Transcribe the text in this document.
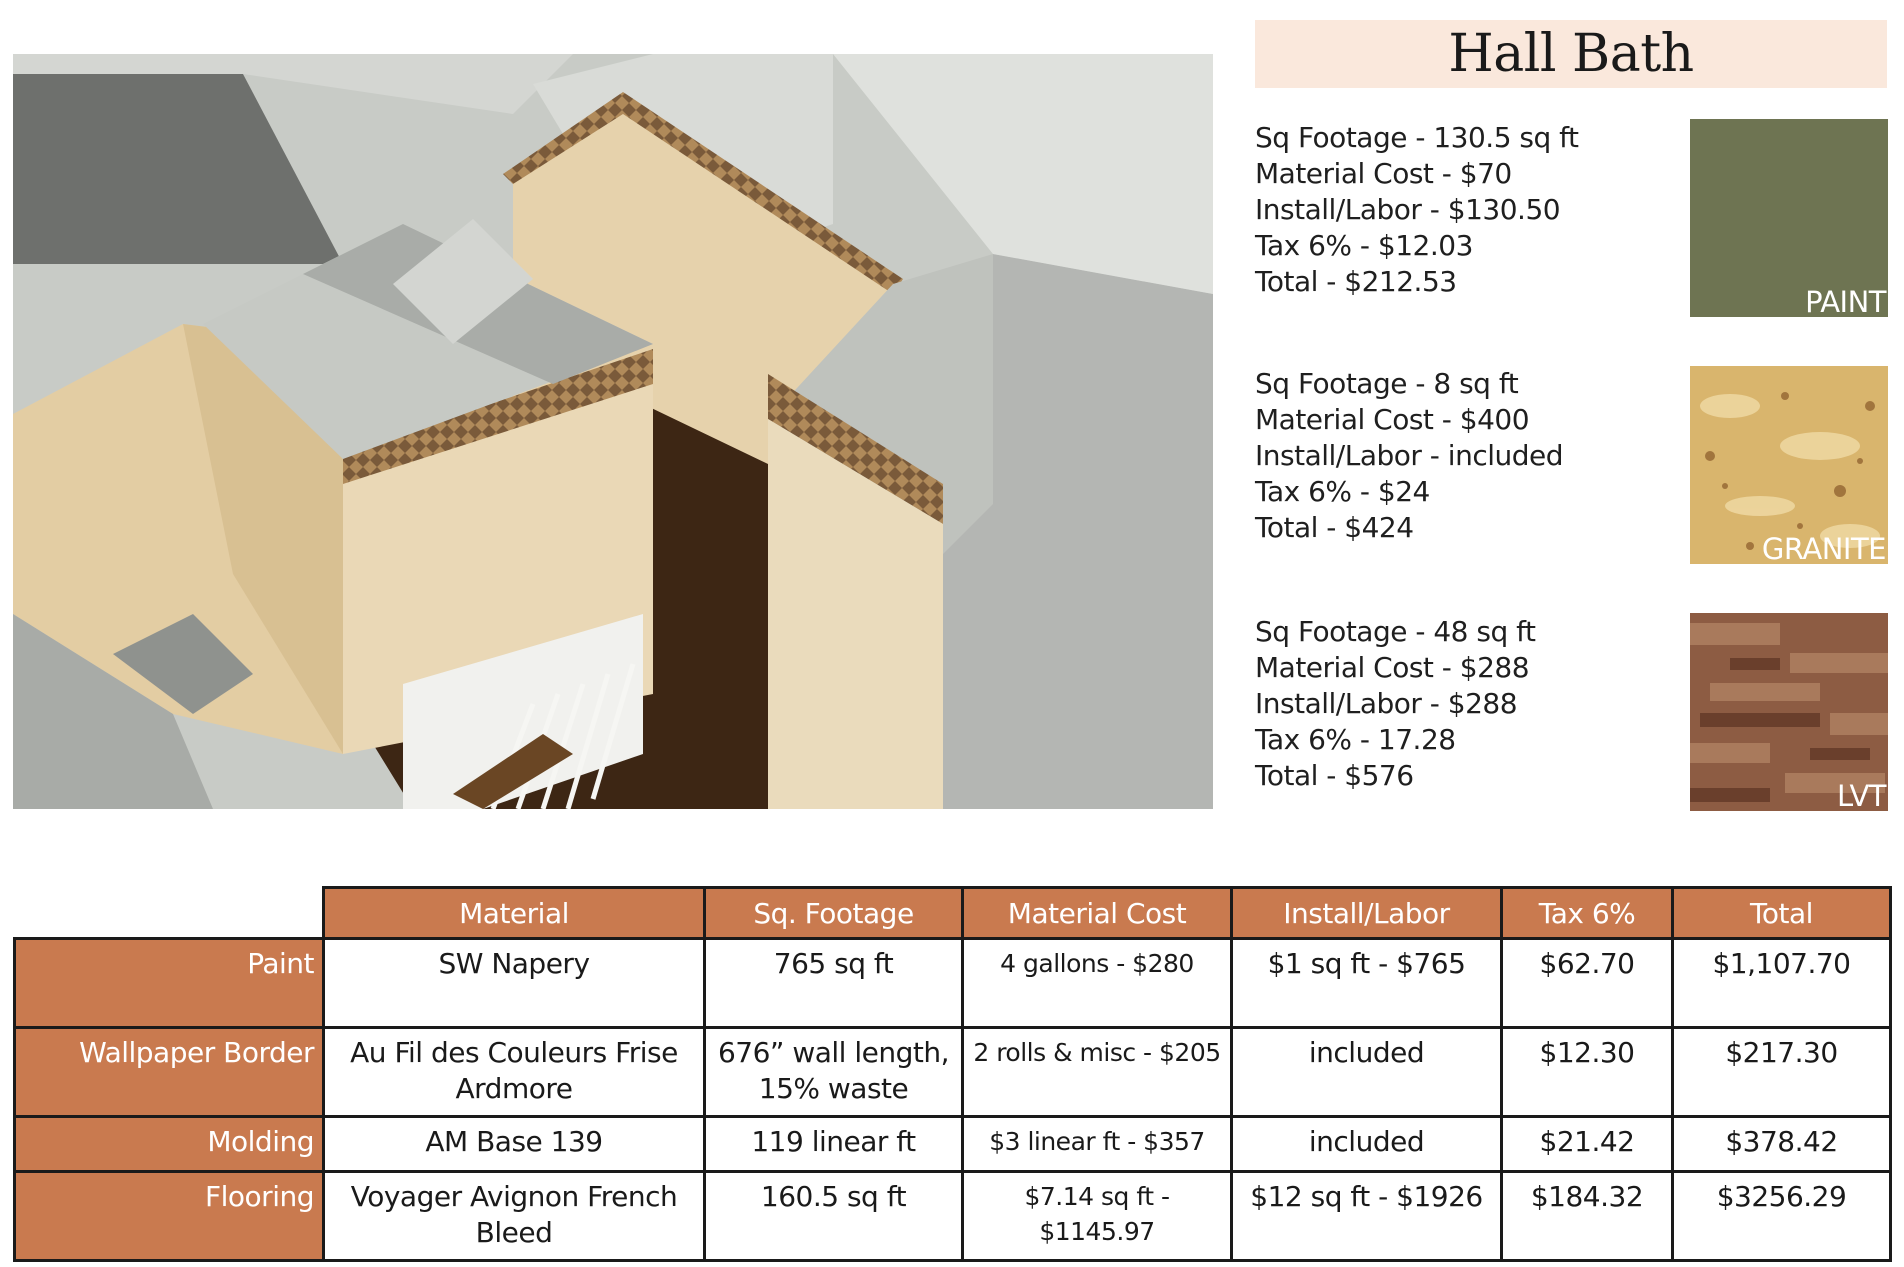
Hall Bath
Sq Footage - 130.5 sq ft
Material Cost - $70
Install/Labor - $130.50
Tax 6% - $12.03
Total - $212.53
PAINT
Sq Footage - 8 sq ft
Material Cost - $400
Install/Labor - included
Tax 6% - $24
Total - $424
GRANITE
Sq Footage - 48 sq ft
Material Cost - $288
Install/Labor - $288
Tax 6% - 17.28
Total - $576
LVT
	Material	Sq. Footage	Material Cost	Install/Labor	Tax 6%	Total
Paint	SW Napery	765 sq ft	4 gallons - $280	$1 sq ft - $765	$62.70	$1,107.70
Wallpaper Border	Au Fil des Couleurs Frise Ardmore	676” wall length, 15% waste	2 rolls & misc - $205	included	$12.30	$217.30
Molding	AM Base 139	119 linear ft	$3 linear ft - $357	included	$21.42	$378.42
Flooring	Voyager Avignon French Bleed	160.5 sq ft	$7.14 sq ft - $1145.97	$12 sq ft - $1926	$184.32	$3256.29
